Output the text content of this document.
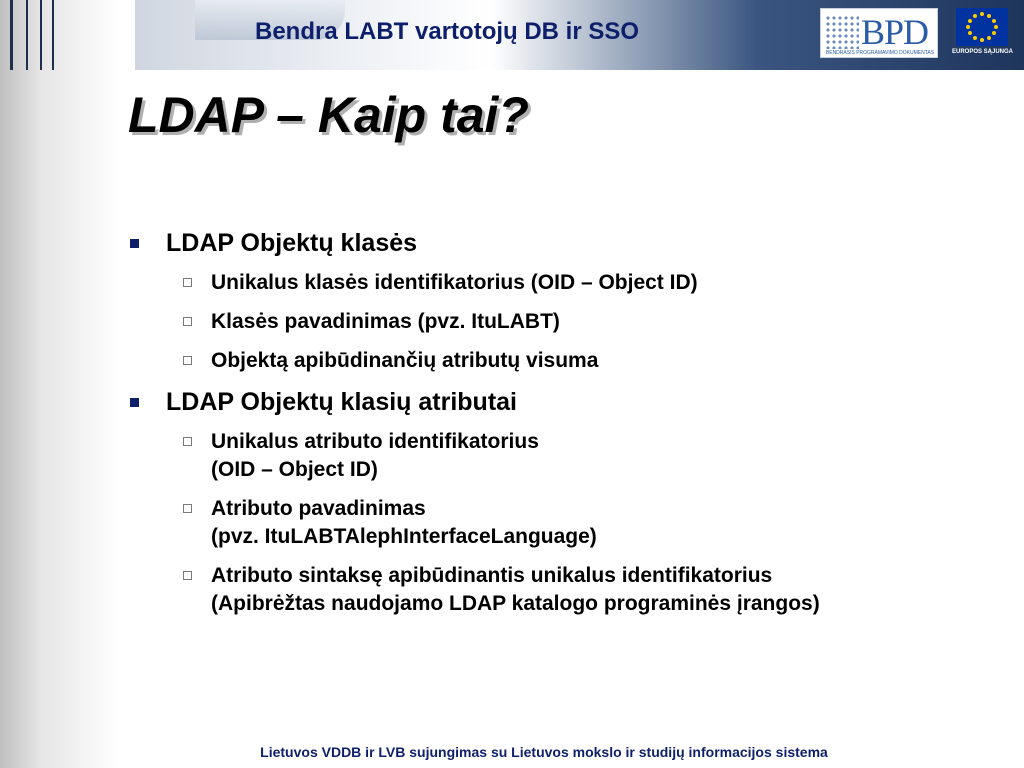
Bendra LABT vartotojų DB ir SSO	BPD
BENDRASIS PROGRAMAVIMO DOKUMENTAS	EUROPOS SĄJUNGA
LDAP – Kaip tai?
LDAP Objektų klasės
Unikalus klasės identifikatorius (OID – Object ID)
Klasės pavadinimas (pvz. ItuLABT)
Objektą apibūdinančių atributų visuma
LDAP Objektų klasių atributai
Unikalus atributo identifikatorius
(OID – Object ID)
Atributo pavadinimas
(pvz. ItuLABTAlephInterfaceLanguage)
Atributo sintaksę apibūdinantis unikalus identifikatorius
(Apibrėžtas naudojamo LDAP katalogo programinės įrangos)
Lietuvos VDDB ir LVB sujungimas su Lietuvos mokslo ir studijų informacijos sistema
